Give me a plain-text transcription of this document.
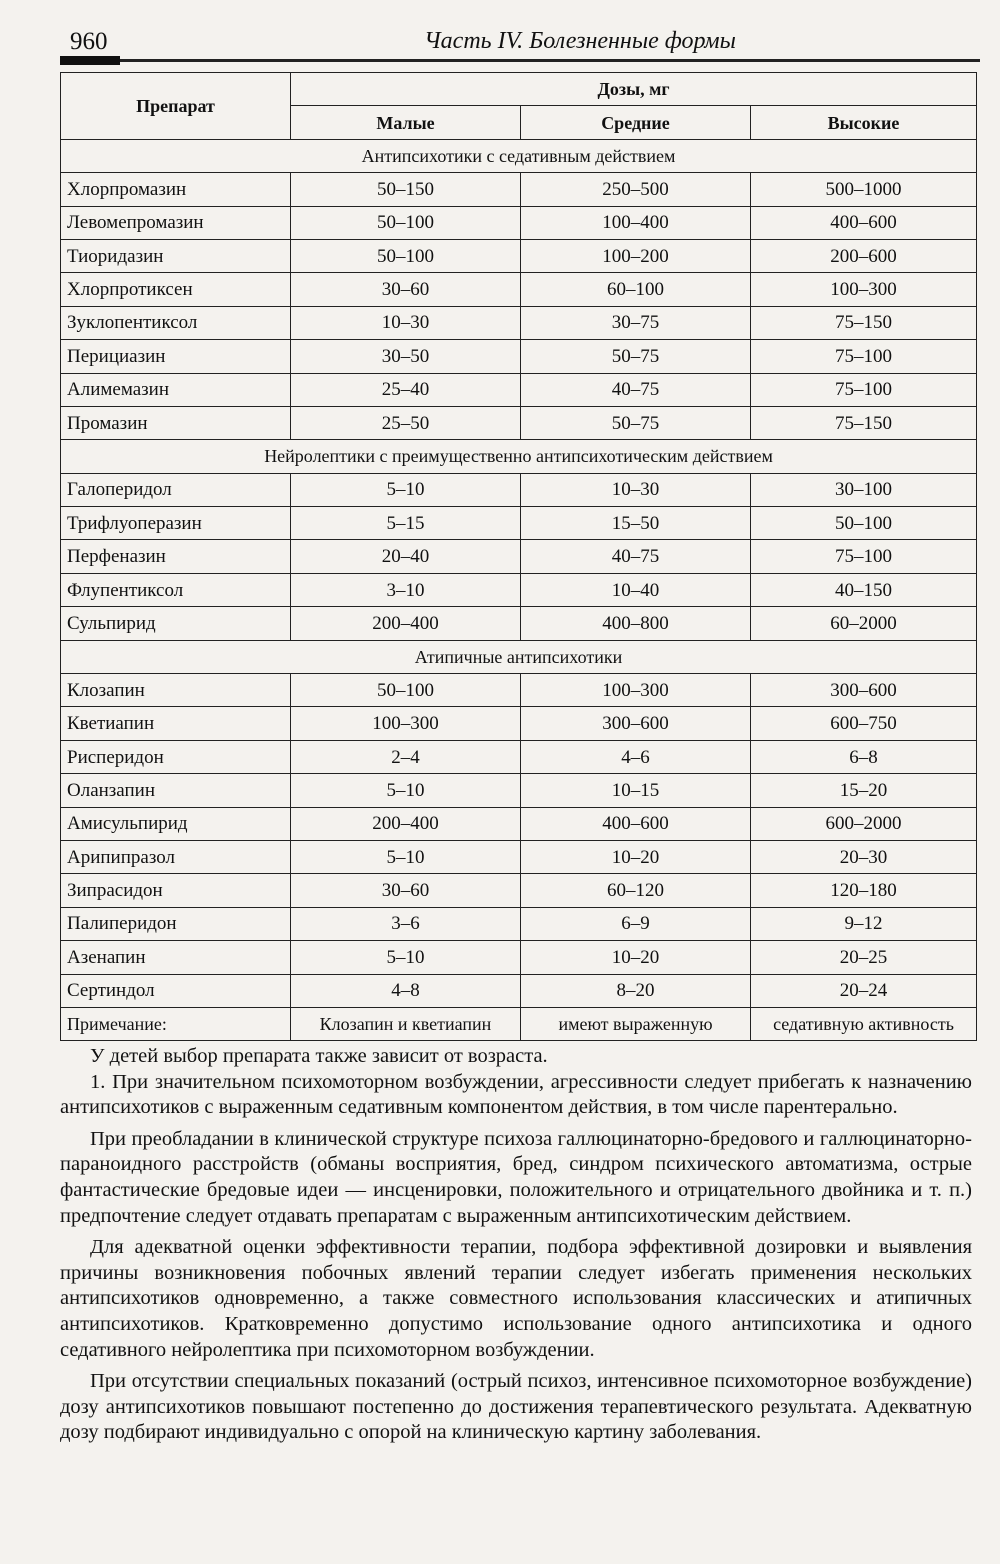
960	Часть IV. Болезненные формы
Препарат	Дозы, мг		
	Малые	Средние	Высокие
Антипсихотики с седативным действием			
Хлорпромазин	50–150	250–500	500–1000
Левомепромазин	50–100	100–400	400–600
Тиоридазин	50–100	100–200	200–600
Хлорпротиксен	30–60	60–100	100–300
Зуклопентиксол	10–30	30–75	75–150
Перициазин	30–50	50–75	75–100
Алимемазин	25–40	40–75	75–100
Промазин	25–50	50–75	75–150
Нейролептики с преимущественно антипсихотическим действием			
Галоперидол	5–10	10–30	30–100
Трифлуоперазин	5–15	15–50	50–100
Перфеназин	20–40	40–75	75–100
Флупентиксол	3–10	10–40	40–150
Сульпирид	200–400	400–800	60–2000
Атипичные антипсихотики			
Клозапин	50–100	100–300	300–600
Кветиапин	100–300	300–600	600–750
Рисперидон	2–4	4–6	6–8
Оланзапин	5–10	10–15	15–20
Амисульпирид	200–400	400–600	600–2000
Арипипразол	5–10	10–20	20–30
Зипрасидон	30–60	60–120	120–180
Палиперидон	3–6	6–9	9–12
Азенапин	5–10	10–20	20–25
Сертиндол	4–8	8–20	20–24
Примечание:	Клозапин и кветиапин	имеют выраженную	седативную активность

У детей выбор препарата также зависит от возраста.

1. При значительном психомоторном возбуждении, агрессивности следует прибегать к назначению антипсихотиков с выраженным седативным компонентом действия, в том числе парентерально.

При преобладании в клинической структуре психоза галлюцинаторно-бредового и галлюцинаторно-параноидного расстройств (обманы восприятия, бред, синдром психического автоматизма, острые фантастические бредовые идеи — инсценировки, положительного и отрицательного двойника и т. п.) предпочтение следует отдавать препаратам с выраженным антипсихотическим действием.

Для адекватной оценки эффективности терапии, подбора эффективной дозировки и выявления причины возникновения побочных явлений терапии следует избегать применения нескольких антипсихотиков одновременно, а также совместного использования классических и атипичных антипсихотиков. Кратковременно допустимо использование одного антипсихотика и одного седативного нейролептика при психомоторном возбуждении.

При отсутствии специальных показаний (острый психоз, интенсивное психомоторное возбуждение) дозу антипсихотиков повышают постепенно до достижения терапевтического результата. Адекватную дозу подбирают индивидуально с опорой на клиническую картину заболевания.
